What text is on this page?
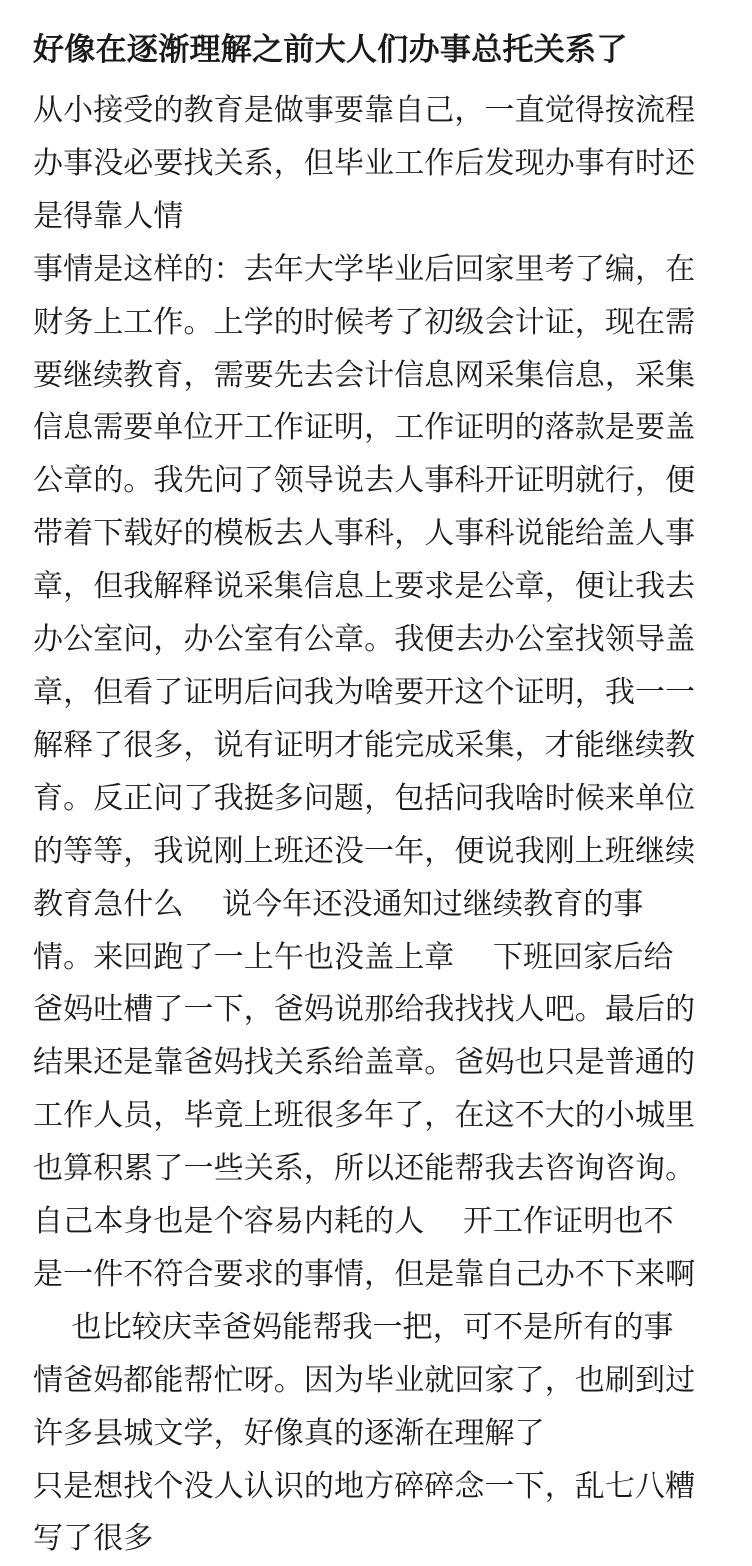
好像在逐渐理解之前大人们办事总托关系了
从小接受的教育是做事要靠自己，一直觉得按流程
办事没必要找关系，但毕业工作后发现办事有时还
是得靠人情
事情是这样的：去年大学毕业后回家里考了编，在
财务上工作。上学的时候考了初级会计证，现在需
要继续教育，需要先去会计信息网采集信息，采集
信息需要单位开工作证明，工作证明的落款是要盖
公章的。我先问了领导说去人事科开证明就行，便
带着下载好的模板去人事科，人事科说能给盖人事
章，但我解释说采集信息上要求是公章，便让我去
办公室问，办公室有公章。我便去办公室找领导盖
章，但看了证明后问我为啥要开这个证明，我一一
解释了很多，说有证明才能完成采集，才能继续教
育。反正问了我挺多问题，包括问我啥时候来单位
的等等，我说刚上班还没一年，便说我刚上班继续
教育急什么    说今年还没通知过继续教育的事
情。来回跑了一上午也没盖上章    下班回家后给
爸妈吐槽了一下，爸妈说那给我找找人吧。最后的
结果还是靠爸妈找关系给盖章。爸妈也只是普通的
工作人员，毕竟上班很多年了，在这不大的小城里
也算积累了一些关系，所以还能帮我去咨询咨询。
自己本身也是个容易内耗的人    开工作证明也不
是一件不符合要求的事情，但是靠自己办不下来啊
也比较庆幸爸妈能帮我一把，可不是所有的事
情爸妈都能帮忙呀。因为毕业就回家了，也刷到过
许多县城文学，好像真的逐渐在理解了
只是想找个没人认识的地方碎碎念一下，乱七八糟
写了很多
